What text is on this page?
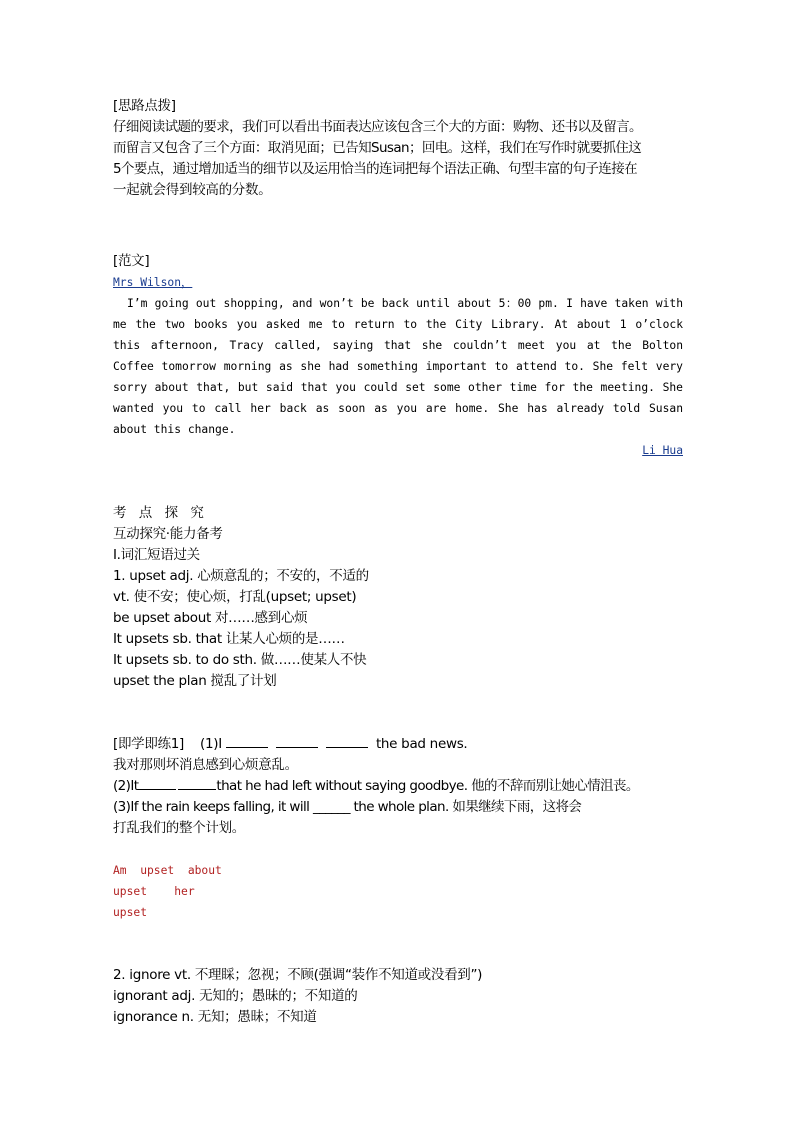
[思路点拨]
仔细阅读试题的要求，我们可以看出书面表达应该包含三个大的方面：购物、还书以及留言。
而留言又包含了三个方面：取消见面；已告知Susan；回电。这样，我们在写作时就要抓住这
5个要点，通过增加适当的细节以及运用恰当的连词把每个语法正确、句型丰富的句子连接在
一起就会得到较高的分数。
[范文]
Mrs Wilson，
I’m going out shopping, and won’t be back until about 5：00 pm. I have taken with me the two books you asked me to return to the City Library. At about 1 o’clock this afternoon, Tracy called, saying that she couldn’t meet you at the Bolton Coffee tomorrow morning as she had something important to attend to. She felt very sorry about that, but said that you could set some other time for the meeting. She wanted you to call her back as soon as you are home. She has already told Susan about this change.
Li Hua
考 点 探 究
互动探究·能力备考
Ⅰ.词汇短语过关
1. upset adj. 心烦意乱的；不安的，不适的
vt. 使不安；使心烦，打乱(upset; upset)
be upset about 对……感到心烦
It upsets sb. that 让某人心烦的是……
It upsets sb. to do sth. 做……使某人不快
upset the plan 搅乱了计划
[即学即练1] (1)I	the bad news.
我对那则坏消息感到心烦意乱。
(2)It	that he had left without saying goodbye. 他的不辞而别让她心情沮丧。
(3)If the rain keeps falling, it will ______ the whole plan. 如果继续下雨，这将会
打乱我们的整个计划。
Am  upset  about
upset    her
upset
2. ignore vt. 不理睬；忽视；不顾(强调“装作不知道或没看到”)
ignorant adj. 无知的；愚昧的；不知道的
ignorance n. 无知；愚昧；不知道
